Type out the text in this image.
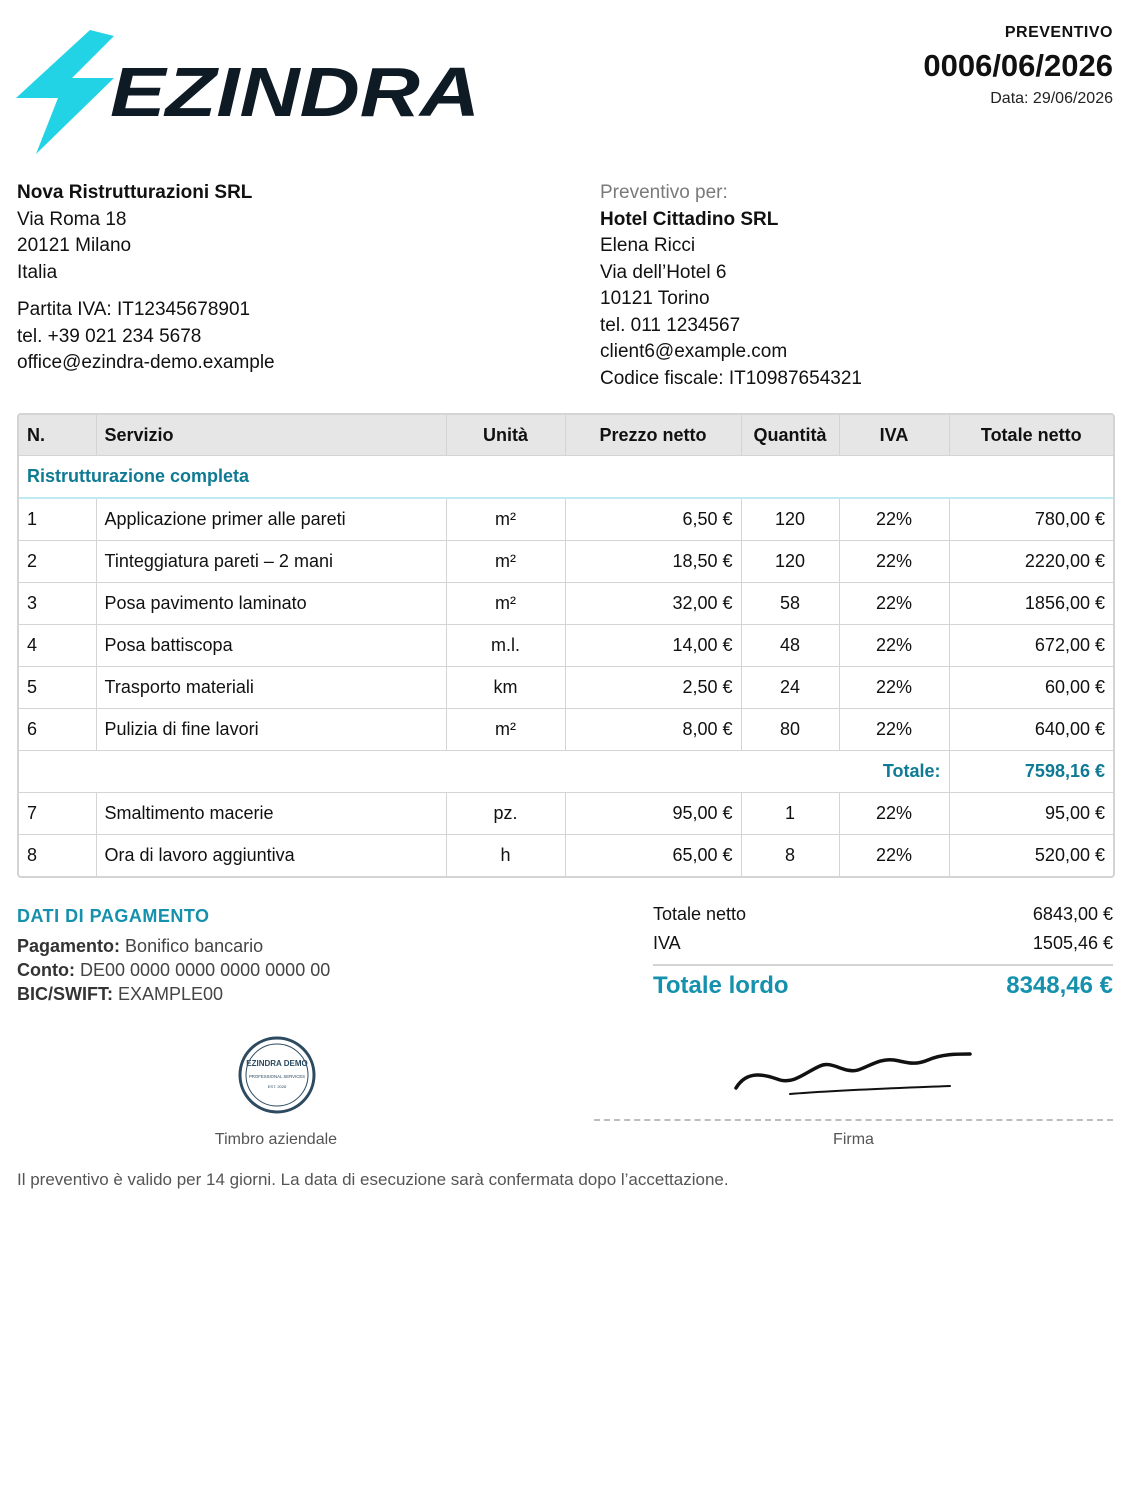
EZINDRA
PREVENTIVO
0006/06/2026
Data: 29/06/2026
Nova Ristrutturazioni SRL
Via Roma 18
20121 Milano
Italia
Partita IVA: IT12345678901
tel. +39 021 234 5678
office@ezindra-demo.example
Preventivo per:
Hotel Cittadino SRL
Elena Ricci
Via dell’Hotel 6
10121 Torino
tel. 011 1234567
client6@example.com
Codice fiscale: IT10987654321
N.	Servizio	Unità	Prezzo netto	Quantità	IVA	Totale netto
Ristrutturazione completa						
1	Applicazione primer alle pareti	m²	6,50 €	120	22%	780,00 €
2	Tinteggiatura pareti – 2 mani	m²	18,50 €	120	22%	2220,00 €
3	Posa pavimento laminato	m²	32,00 €	58	22%	1856,00 €
4	Posa battiscopa	m.l.	14,00 €	48	22%	672,00 €
5	Trasporto materiali	km	2,50 €	24	22%	60,00 €
6	Pulizia di fine lavori	m²	8,00 €	80	22%	640,00 €
Totale:						7598,16 €
7	Smaltimento macerie	pz.	95,00 €	1	22%	95,00 €
8	Ora di lavoro aggiuntiva	h	65,00 €	8	22%	520,00 €
DATI DI PAGAMENTO
Pagamento: Bonifico bancario
Conto: DE00 0000 0000 0000 0000 00
BIC/SWIFT: EXAMPLE00
Totale netto	6843,00 €
IVA	1505,46 €
Totale lordo	8348,46 €
EZINDRA DEMO
PROFESSIONAL SERVICES
EST. 2026
Timbro aziendale	Firma
Il preventivo è valido per 14 giorni. La data di esecuzione sarà confermata dopo l’accettazione.
